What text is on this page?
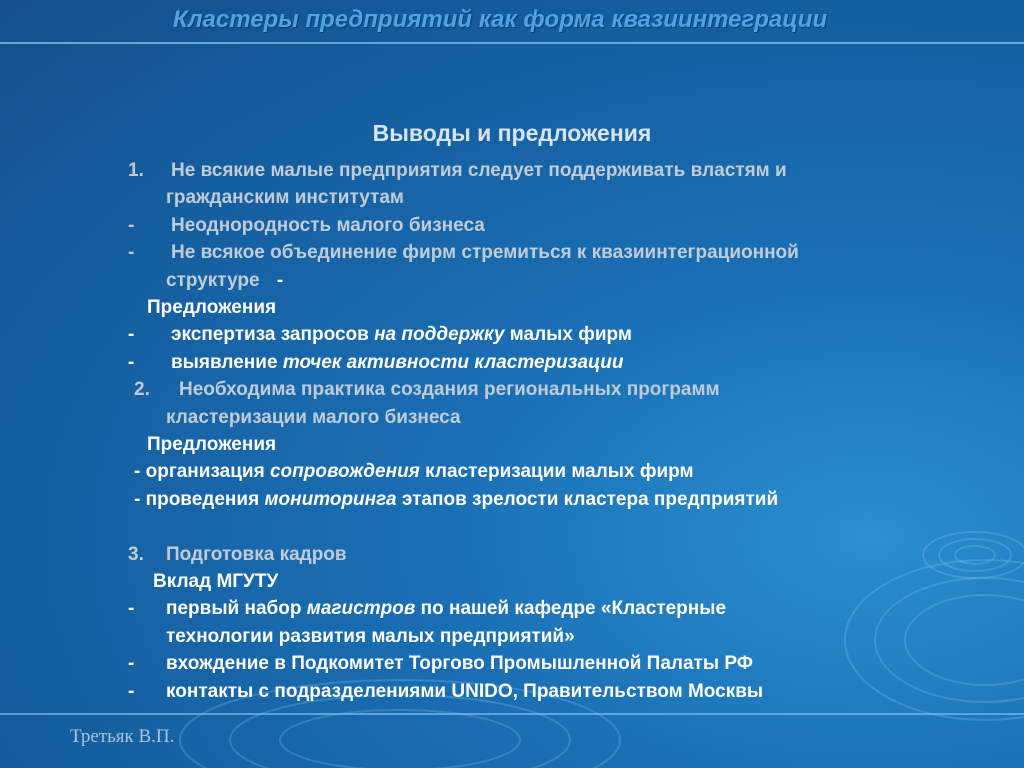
Кластеры предприятий как форма квазиинтеграции
Выводы и предложения
1. Не всякие малые предприятия следует поддерживать властям и
гражданским институтам
- Неоднородность малого бизнеса
- Не всякое объединение фирм стремиться к квазиинтеграционной
структуре -
Предложения
- экспертиза запросов на поддержку малых фирм
- выявление точек активности кластеризации
2. Необходима практика создания региональных программ
кластеризации малого бизнеса
Предложения
- организация сопровождения кластеризации малых фирм
- проведения мониторинга этапов зрелости кластера предприятий
3. Подготовка кадров
Вклад МГУТУ
- первый набор магистров по нашей кафедре «Кластерные
технологии развития малых предприятий»
- вхождение в Подкомитет Торгово Промышленной Палаты РФ
- контакты с подразделениями UNIDO, Правительством Москвы
Третьяк В.П.
